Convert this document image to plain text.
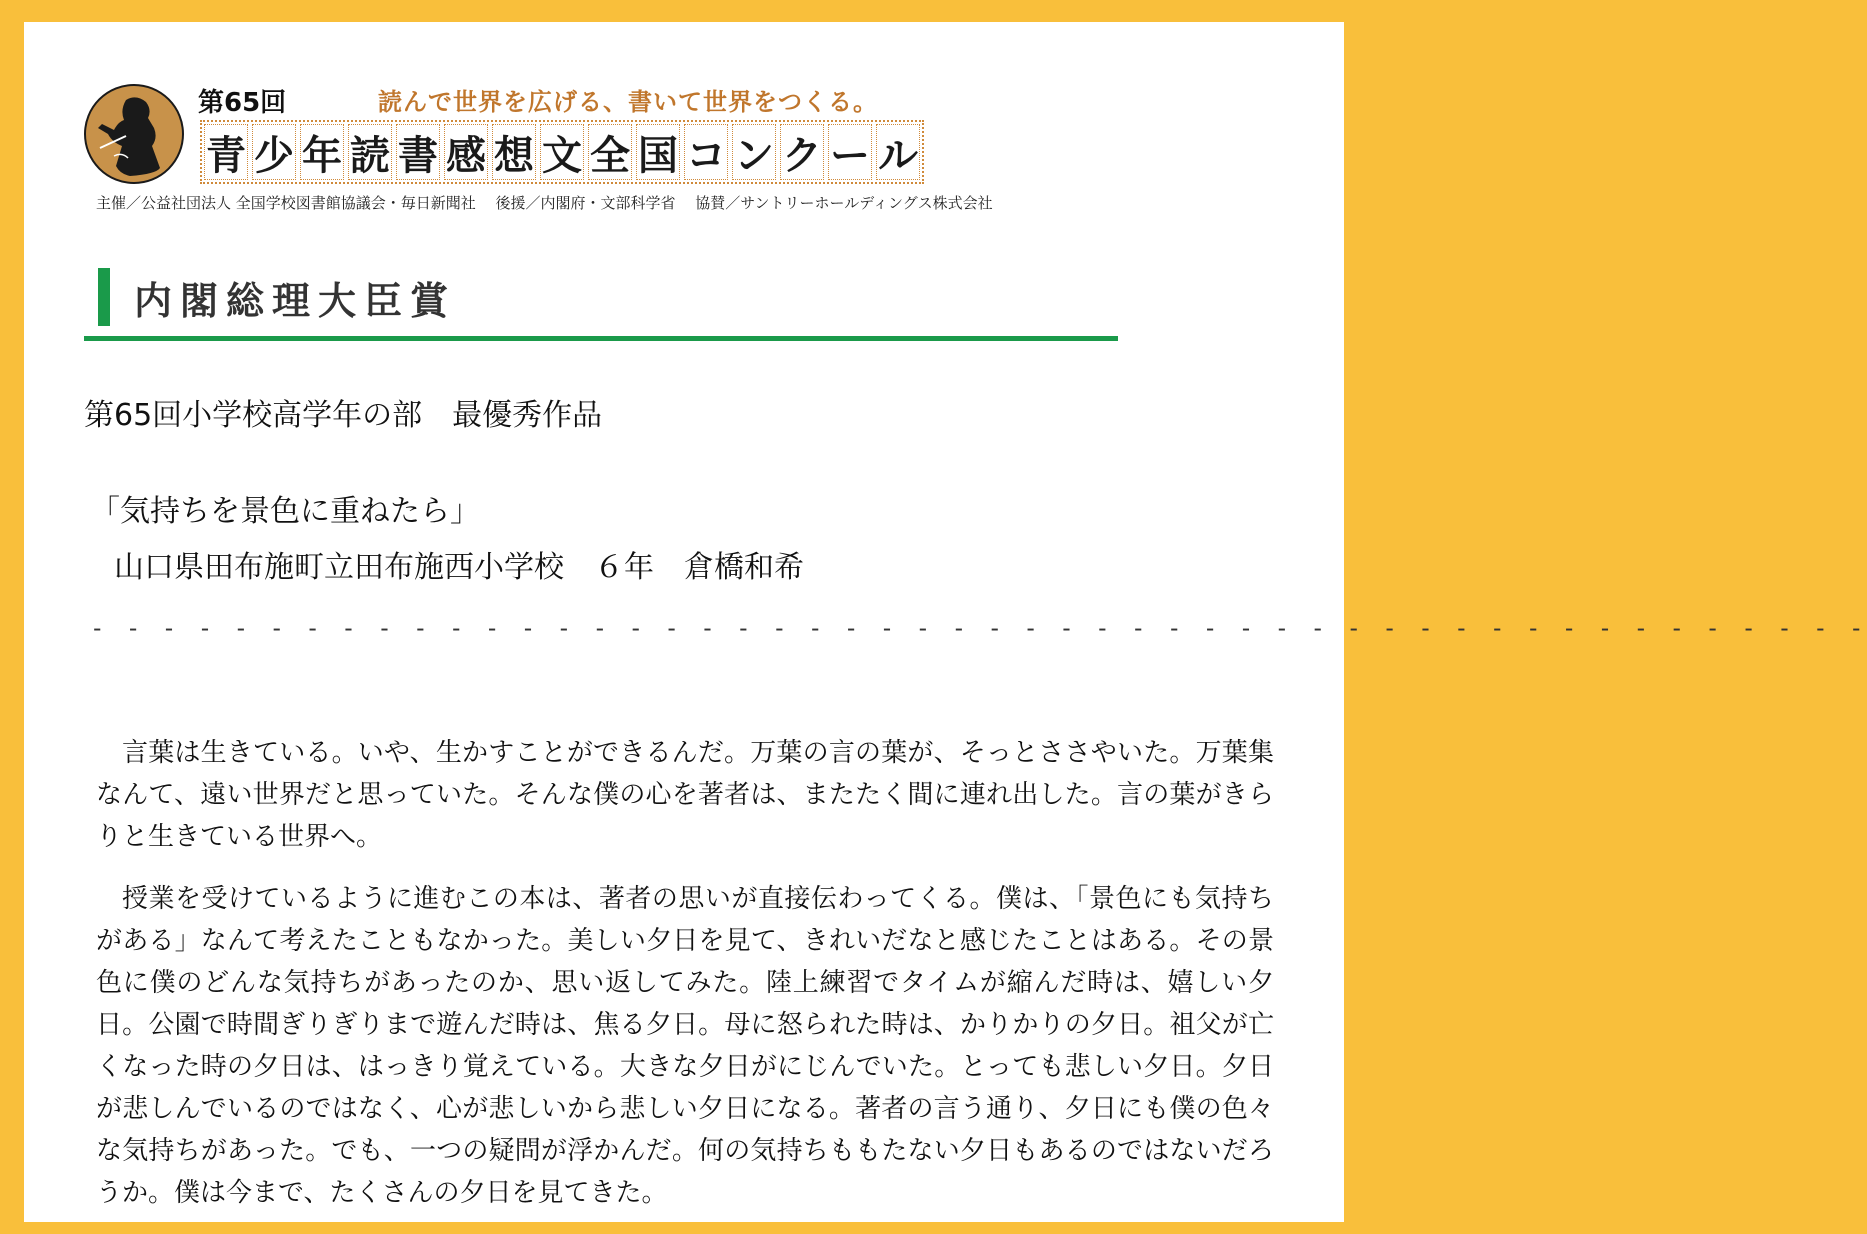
第65回	読んで世界を広げる、書いて世界をつくる。
青 少 年 読 書 感 想 文 全 国 コ ン ク ー ル
主催／公益社団法人 全国学校図書館協議会・毎日新聞社　 後援／内閣府・文部科学省　 協賛／サントリーホールディングス株式会社
内閣総理大臣賞
第65回小学校高学年の部　最優秀作品
「気持ちを景色に重ねたら」
山口県田布施町立田布施西小学校　６年　倉橋和希
- - - - - - - - - - - - - - - - - - - - - - - - - - - - - - - - - - - - - - - - - - - - - - - - - -

言葉は生きている。いや、生かすことができるんだ。万葉の言の葉が、そっとささやいた。万葉集なんて、遠い世界だと思っていた。そんな僕の心を著者は、またたく間に連れ出した。言の葉がきらりと生きている世界へ。

授業を受けているように進むこの本は、著者の思いが直接伝わってくる。僕は、「景色にも気持ちがある」なんて考えたこともなかった。美しい夕日を見て、きれいだなと感じたことはある。その景色に僕のどんな気持ちがあったのか、思い返してみた。陸上練習でタイムが縮んだ時は、嬉しい夕日。公園で時間ぎりぎりまで遊んだ時は、焦る夕日。母に怒られた時は、かりかりの夕日。祖父が亡くなった時の夕日は、はっきり覚えている。大きな夕日がにじんでいた。とっても悲しい夕日。夕日が悲しんでいるのではなく、心が悲しいから悲しい夕日になる。著者の言う通り、夕日にも僕の色々な気持ちがあった。でも、一つの疑問が浮かんだ。何の気持ちももたない夕日もあるのではないだろうか。僕は今まで、たくさんの夕日を見てきた。
